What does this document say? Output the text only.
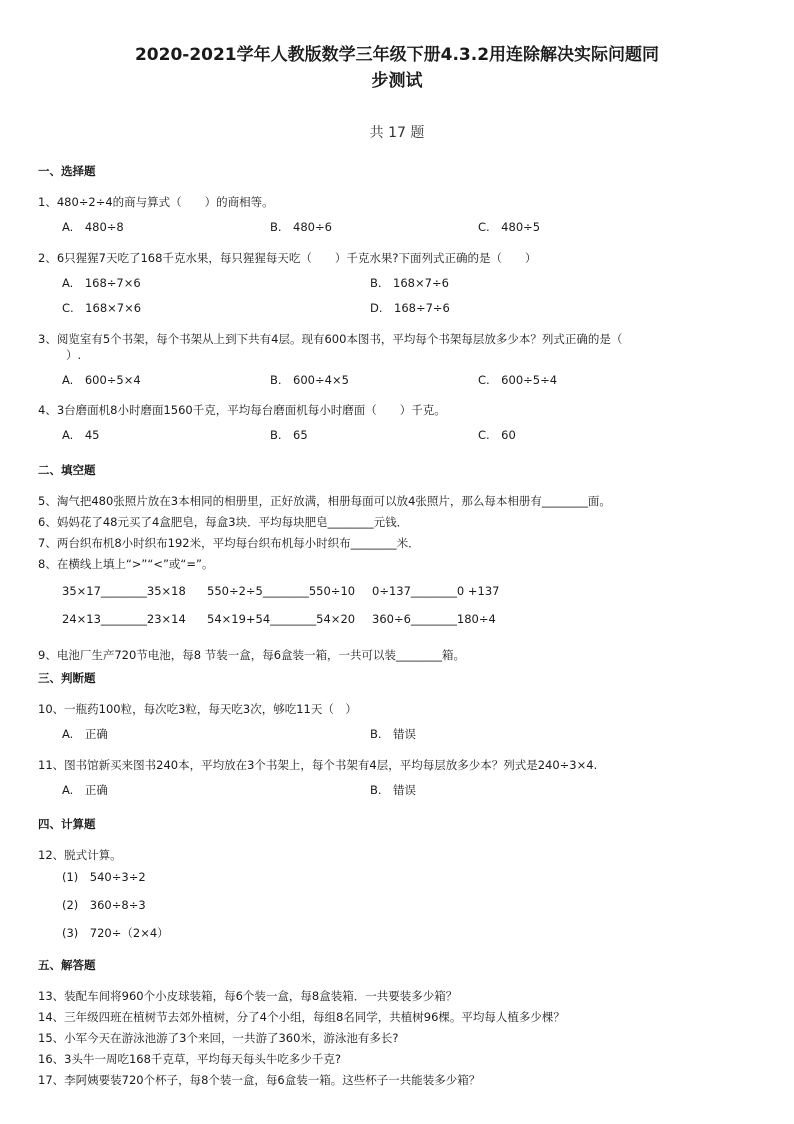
2020-2021学年人教版数学三年级下册4.3.2用连除解决实际问题同
步测试
共 17 题
一、选择题
1、480÷2÷4的商与算式（　　）的商相等。
A.　480÷8	B.　480÷6	C.　480÷5
2、6只猩猩7天吃了168千克水果，每只猩猩每天吃（　　）千克水果?下面列式正确的是（　　）
A.　168÷7×6	B.　168×7÷6
C.　168×7×6	D.　168÷7÷6
3、阅览室有5个书架，每个书架从上到下共有4层。现有600本图书，平均每个书架每层放多少本？列式正确的是（
）.
A.　600÷5×4	B.　600÷4×5	C.　600÷5÷4
4、3台磨面机8小时磨面1560千克，平均每台磨面机每小时磨面（　　）千克。
A.　45	B.　65	C.　60
二、填空题
5、淘气把480张照片放在3本相同的相册里，正好放满，相册每面可以放4张照片，那么每本相册有________面。
6、妈妈花了48元买了4盒肥皂，每盒3块．平均每块肥皂________元钱．
7、两台织布机8小时织布192米，平均每台织布机每小时织布________米．
8、在横线上填上“>”“<”或“=”。
35×17________35×18 550÷2÷5________550÷10 0÷137________0 +137
24×13________23×14 54×19+54________54×20 360÷6________180÷4
9、电池厂生产720节电池，每8 节装一盒，每6盒装一箱，一共可以装________箱。
三、判断题
10、一瓶药100粒，每次吃3粒，每天吃3次，够吃11天（　）
A.　正确	B.　错误
11、图书馆新买来图书240本，平均放在3个书架上，每个书架有4层，平均每层放多少本？列式是240÷3×4.
A.　正确	B.　错误
四、计算题
12、脱式计算。
(1)　540÷3÷2
(2)　360÷8÷3
(3)　720÷（2×4）
五、解答题
13、装配车间将960个小皮球装箱，每6个装一盒，每8盒装箱．一共要装多少箱？
14、三年级四班在植树节去郊外植树，分了4个小组，每组8名同学，共植树96棵。平均每人植多少棵？
15、小军今天在游泳池游了3个来回，一共游了360米，游泳池有多长?
16、3头牛一周吃168千克草，平均每天每头牛吃多少千克?
17、李阿姨要装720个杯子，每8个装一盒，每6盒装一箱。这些杯子一共能装多少箱？
